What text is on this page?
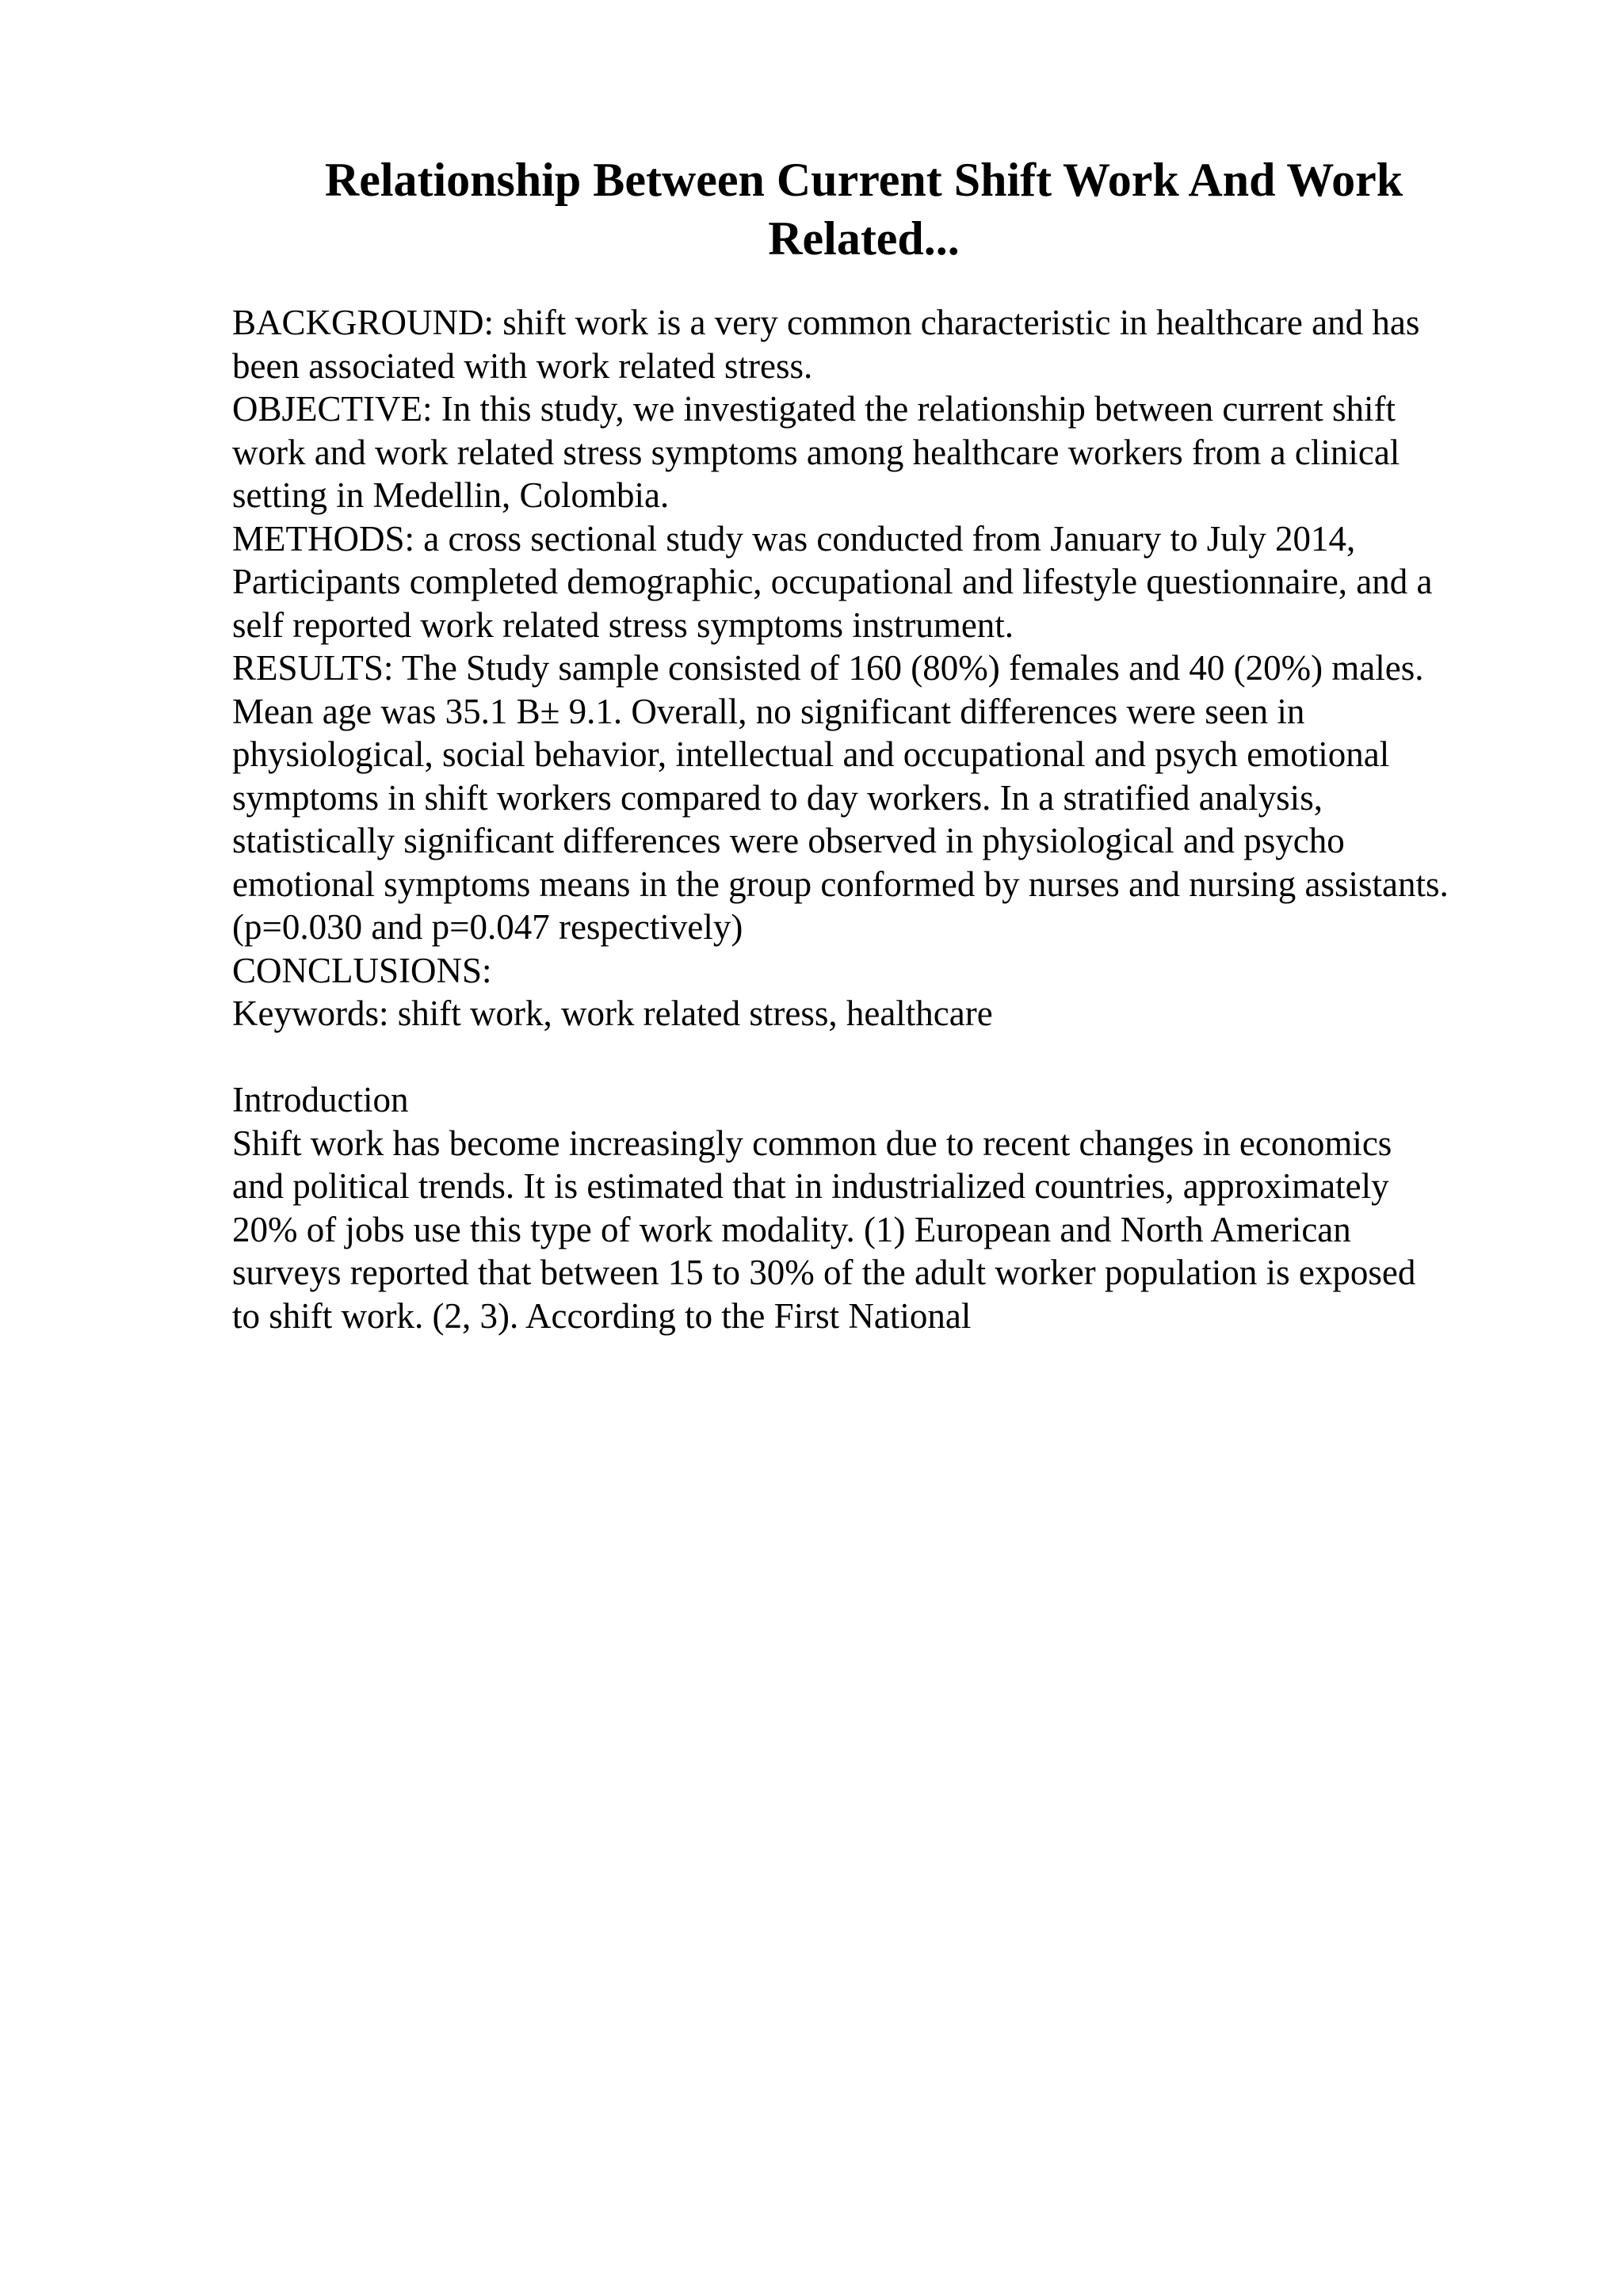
Relationship Between Current Shift Work And Work
Related...
BACKGROUND: shift work is a very common characteristic in healthcare and has
been associated with work related stress.
OBJECTIVE: In this study, we investigated the relationship between current shift
work and work related stress symptoms among healthcare workers from a clinical
setting in Medellin, Colombia.
METHODS: a cross sectional study was conducted from January to July 2014,
Participants completed demographic, occupational and lifestyle questionnaire, and a
self reported work related stress symptoms instrument.
RESULTS: The Study sample consisted of 160 (80%) females and 40 (20%) males.
Mean age was 35.1 B± 9.1. Overall, no significant differences were seen in
physiological, social behavior, intellectual and occupational and psych emotional
symptoms in shift workers compared to day workers. In a stratified analysis,
statistically significant differences were observed in physiological and psycho
emotional symptoms means in the group conformed by nurses and nursing assistants.
(p=0.030 and p=0.047 respectively)
CONCLUSIONS:
Keywords: shift work, work related stress, healthcare
Introduction
Shift work has become increasingly common due to recent changes in economics
and political trends. It is estimated that in industrialized countries, approximately
20% of jobs use this type of work modality. (1) European and North American
surveys reported that between 15 to 30% of the adult worker population is exposed
to shift work. (2, 3). According to the First National
